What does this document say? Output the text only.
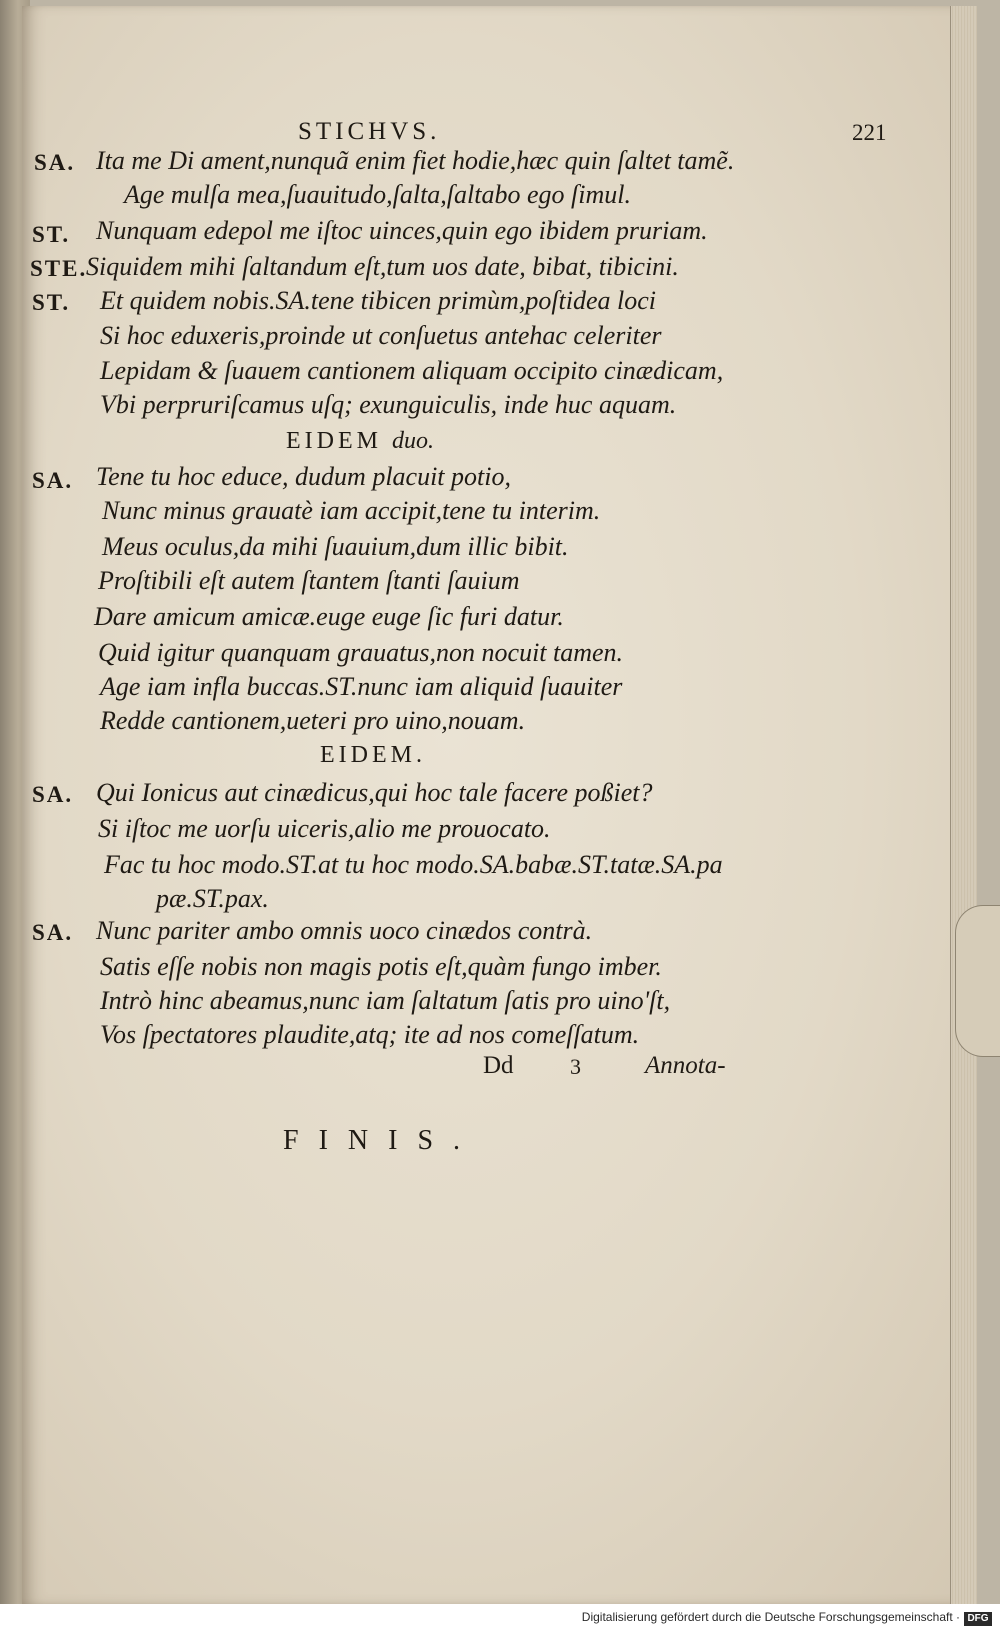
STICHVS.	221
SA. Ita me Di ament,nunquã enim fiet hodie,hæc quin ſaltet tamẽ.
Age mulſa mea,ſuauitudo,ſalta,ſaltabo ego ſimul.
ST. Nunquam edepol me iſtoc uinces,quin ego ibidem pruriam.
STE.
Siquidem mihi ſaltandum eſt,tum uos date, bibat, tibicini.
ST. Et quidem nobis.SA.tene tibicen primùm,poſtidea loci
Si hoc eduxeris,proinde ut conſuetus antehac celeriter
Lepidam & ſuauem cantionem aliquam occipito cinædicam,
Vbi perpruriſcamus uſq; exunguiculis, inde huc aquam.
EIDEM duo.
SA. Tene tu hoc educe, dudum placuit potio,
Nunc minus grauatè iam accipit,tene tu interim.
Meus oculus,da mihi ſuauium,dum illic bibit.
Proſtibili eſt autem ſtantem ſtanti ſauium
Dare amicum amicæ.euge euge ſic furi datur.
Quid igitur quanquam grauatus,non nocuit tamen.
Age iam infla buccas.ST.nunc iam aliquid ſuauiter
Redde cantionem,ueteri pro uino,nouam.
EIDEM.
SA. Qui Ionicus aut cinædicus,qui hoc tale facere poßiet?
Si iſtoc me uorſu uiceris,alio me prouocato.
Fac tu hoc modo.ST.at tu hoc modo.SA.babæ.ST.tatæ.SA.pa
pæ.ST.pax.
SA. Nunc pariter ambo omnis uoco cinædos contrà.
Satis eſſe nobis non magis potis eſt,quàm fungo imber.
Intrò hinc abeamus,nunc iam ſaltatum ſatis pro uino'ſt,
Vos ſpectatores plaudite,atq; ite ad nos comeſſatum.
Dd	3	Annota-
FINIS.
Digitalisierung gefördert durch die Deutsche Forschungsgemeinschaft · DFG
